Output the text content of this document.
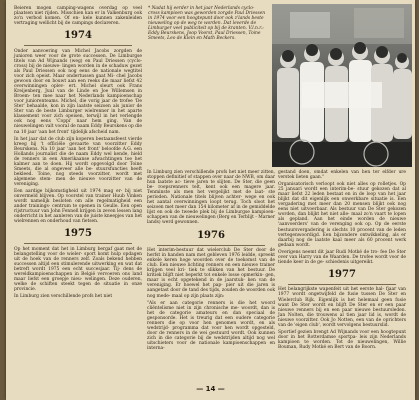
Beieren mogen camping-wagens overdag op veel plaatsen niet rijden. Misschien kan er in Valkenburg ook zo'n verbod komen. Of en- kele kunnen zakenleiden vertraging wellicht bij de campings declareren.

1974

Onder aanvoering van Michel Jacobs zorgden de junioren weer voor de grote successen. De Limburgse titels van Ad Wijnands (weg) en Paul Driessen (cyclo-cross) bij de nieuwe- lingen worden in de schaduw gezet als Paul Driessen ook nog eens de nationale wegtitel voor zich opeist. Maar ondertussen gaat Mi- chel Jacobs gewoon door en bouwt aan een reeks die maar liefst 42 overwinningen oplev- ert. Michel sleurt ook Frans Kreijenberg, Juul van de Linde en Joe Willemsen in Broem- ten mee naar het Nederlands kampioenschap voor juniorenteams. Michel, die vorig jaar de trofee 'De Ster' behaalde, kon in zijn laatste seizoen als junior de Ster van de beste Limburger wielrenner in het aparte klassement voor zich opeisen, terwijl in het verlengde ook nog eens 'Coppi' naar hem ging. Van de nieuwelingen valt vooral de naam Eddy Beurskens op die na 10 jaar 'aan het front' tijdelijk afscheid nam.

In het jaar dat de club zijn koperen bestaansfeest vierde kreeg hij 't officiële gevaarte van voorzitter Eddy Beurskens. Na 10 jaar 'aan het front' beloofde A.G. een Hollands journalist die de naam Eddy wel kende, hield de renners in een Amerikaanse afwachtingen toe het kalmer aan te doen. Hij wordt opgevolgd door Toine Smeets, die al ongeveer alle be- stuursfuncties heeft bekleed. Toine, nog steeds voorzitter, wordt met algemene stem- men de nieuwe voorzitter van de vereniging.

Een aardige bijkomstigheid uit 1974 mag er- bij niet onvermeld blijven. Op voorstel van trainer Huub Vinken wordt namelijk besloten om alle regelmatigheid een ander trainings- centrum te openen in Geulle. Een open rijstructuur van John Fennell krijgen in zeven lessen lang onderricht in het aanleren van de juiste kneepjes van het wielrennen en onderhoud van fietsen.

1975

Op het moment dat het in Limburg bergaf gaat met de belangstelling voor de wieler- sport komt hulp opdagen uit de hoek van de renners zelf. Zoals bekend hebben successen altijd een stimulerende uitwerking en wat dat betreft wordt 1975 een echt succesjaar. Tij- dens de wereldkampioenschappen in België vervoeren ons land maar liefst een groepje nieu- welingen. Deze ouderen, welke de schiften steekt tegen de situatie in onze provincie.

In Limburg zien verschillende profs het niet

* Nadat hij eerder in het jaar Nederlands cyclo-cross kampioen was geworden zorgde Paul Driessen in 1974 voor een hoogtepunt door ook z'lands beste nieuweling op de weg te worden. Dat leverde de Limburger veel publiciteit op bij de kranten. V.l.n.r.: Eddy Beurskens, Joop Voorst, Paul Driessen, Toine Smeets, Leo de Klein en Math Beckers.

In Limburg zien verschillende profs het niet meer zitten, stoppen definitief of stappen over naar de NWB, om daar hun laatste ac- tieve jaren te slijten. De Ster, die geen be- roepsrenners telt, kent ook een magere jaar. Tenminste als men het vergelijkt met de laat- ste perioden. Nationale titels blijven achter- wege en ook het aantal overwinningen loopt terug. Toch sloot het seizoen met meer dan 154 kilometer af in de gemiddelde lijst en ook de tweede plek bij de Limburgse kampioen- schappen van de nieuwelingen (Berg en Terblijt - Marner lands) werd gewonnen.

1976

Het interim-bestuur dat wielerclub De Ster door de herfst in handen nam met gebleven 1976 leidde, spreekt enkele keren hoge woorden over de toekomst van de club. Een nieuwe lichting renners en een nieuwe trainer krijgen veel kri- tiek te slikken van het bestuur. De kritiek blijft niet beperkt tot enkele losse opmerkin- gen, maar is echt opgetekend in de jaarstuk- ken van de vereniging. Er hoewel het pap- pier uit die jaren is aangetast door de tand des tijds, zouden de woorden ook nog mede- maal op zijn plaats zijn:

"Als er aan categorie renners is die het woord cliëntelisme niet in zijn chronische me- woordt, dan is het de categorie amateurs en dan speciaal de gesponsorde. Het is treurig dat een oudere categorie renners die op voor hen genomen wordt, en als wedstrijd- programma dat voor hen wordt opgesteld, door de renners in de wei gestuurd wordt. Ook kunnen zich in die categorie bij de wedstrijden altijd nog wel uitschieters voor de nationale kampioenschappen en interna-

gestand doen, omdat enkelen van hen ter elfder ure verstek lieten gaan."

Organisatorisch verloopt ook niet alles op rolletjes. Op 25 januari wordt een interim-be- stuur gekozen dat al maar liefst 22 leden bestaat en in de loop van het jaar blijkt dat dit eigenlijk een onwerkbare situatie is. Een vergadering met meer dan 20 mensen blijkt ook nog eens niet uitvoerbaar. Als bestuur van De Ster gekozen worden, dan blijkt het niet alle- maal zo'n vaart te lopen als gepland. Aan het einde worden de nieuwe 'aanvoerders' van de verenging ook op. Op de eerste bestuursvergadering is slechts 10 procent van de leden vertegenwoordigd. Een bijzondere ontwikkeling, als er daarbij nog de laatste kaal meer als 60 procent werk gedaan wordt.

Overigens neemt dit jaar Rudi Motké de tro- fee De Ster over van Harry van de Waarden. De trofee wordt voor de tiende keer in de ge- schiedenis uitgereikt.

1977

Het belangrijkste wapenfeit uit het eerste hal- fjaar van 1977 wordt ongetwijfeld de fusie tussen De Ster en Wielerclub Rijk. Eigenlijk is het helemaal geen fusie want De Ster wordt en blijft De Ster en er een paar nieuwe renners bij en een paar nieuwe bestuursleden. Jan Nolten, die trouwens al tien jaar lid is, wordt de nieuwe voorzitter. Ook Jo Notten, een van de oprichters van de 'eigen club', wordt vervolgens bestuurslid.

Sportief gezien brengt Ad Wijnands voor een hoogtepunt door in het Rotterdamse sportpa- leis zijn Nederlands kampioen te worden. Tot de nieuwelingen, Willie Bouman, Rudy Motké en Bert van de Boorn.

— 14 —
